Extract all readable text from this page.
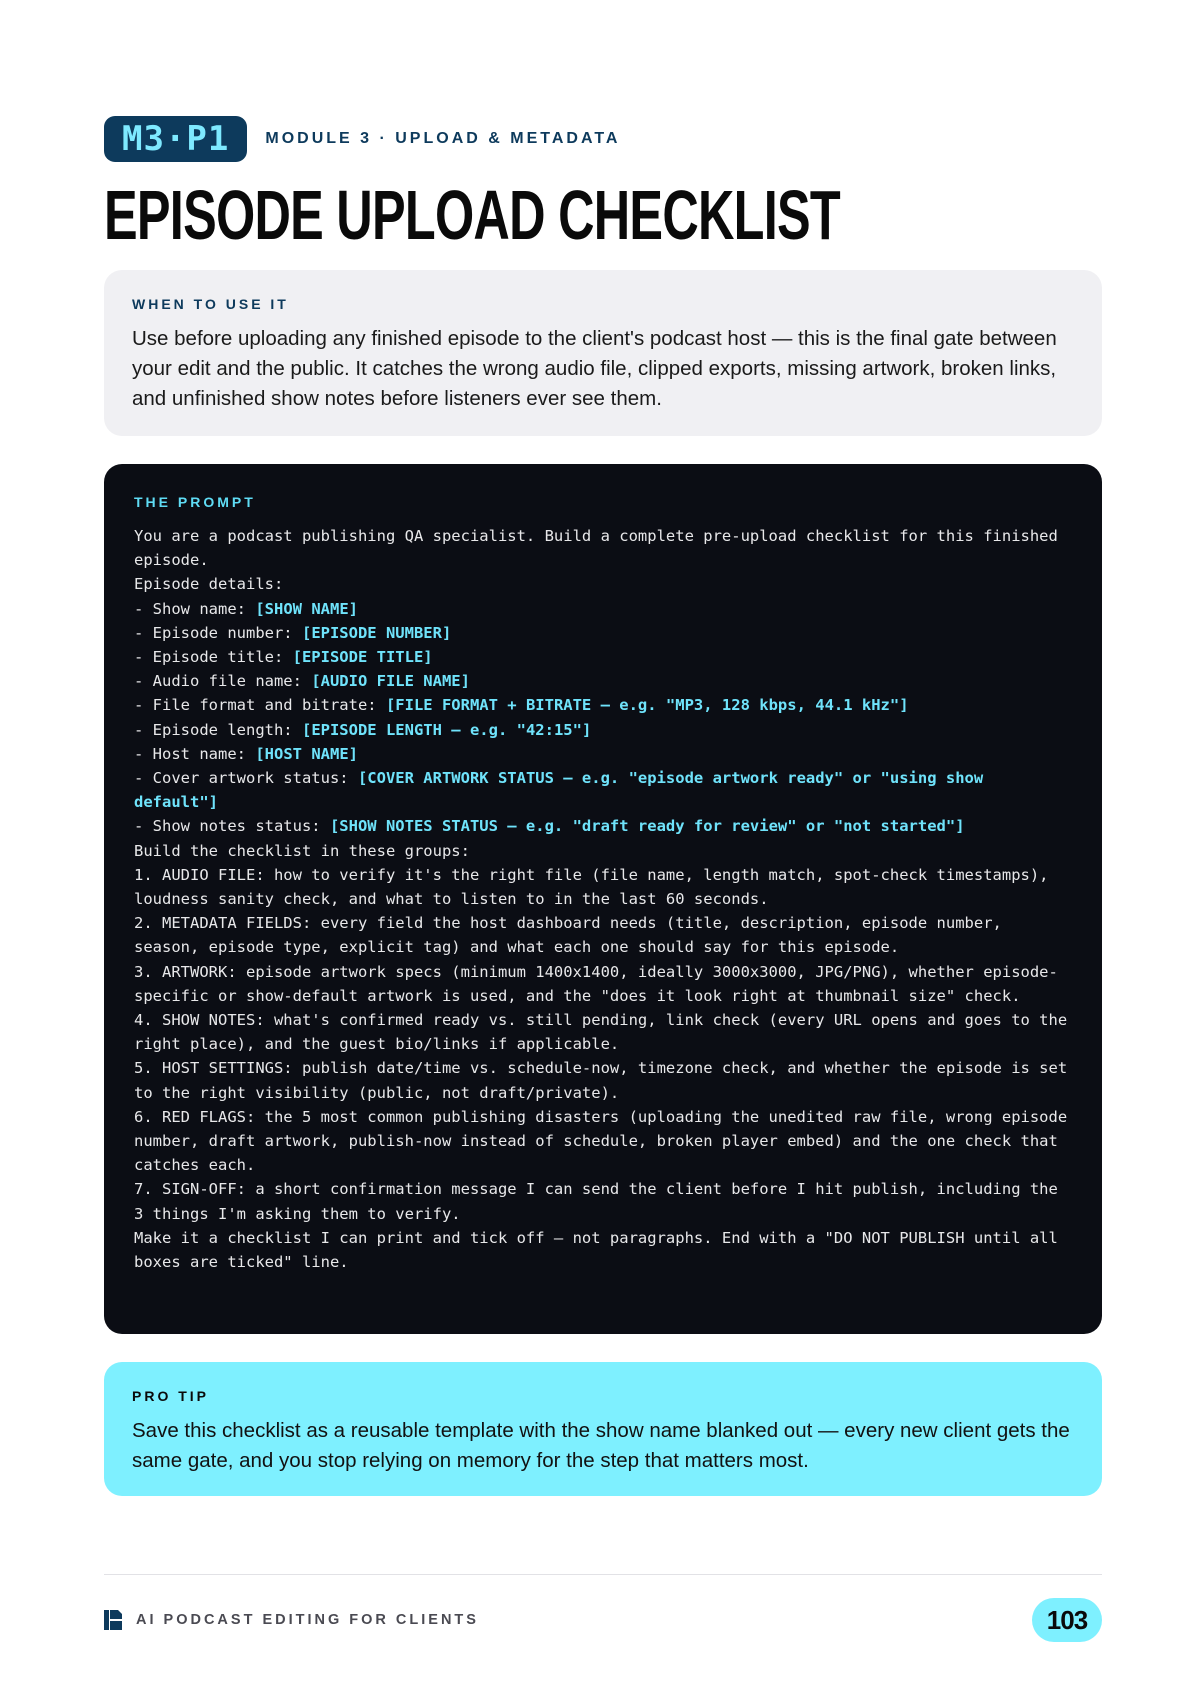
M3·P1	MODULE 3 · UPLOAD & METADATA
EPISODE UPLOAD CHECKLIST
WHEN TO USE IT
Use before uploading any finished episode to the client's podcast host — this is the final gate between your edit and the public. It catches the wrong audio file, clipped exports, missing artwork, broken links, and unfinished show notes before listeners ever see them.
THE PROMPT
You are a podcast publishing QA specialist. Build a complete pre-upload checklist for this finished episode.
Episode details:
- Show name: [SHOW NAME]
- Episode number: [EPISODE NUMBER]
- Episode title: [EPISODE TITLE]
- Audio file name: [AUDIO FILE NAME]
- File format and bitrate: [FILE FORMAT + BITRATE — e.g. "MP3, 128 kbps, 44.1 kHz"]
- Episode length: [EPISODE LENGTH — e.g. "42:15"]
- Host name: [HOST NAME]
- Cover artwork status: [COVER ARTWORK STATUS — e.g. "episode artwork ready" or "using show default"]
- Show notes status: [SHOW NOTES STATUS — e.g. "draft ready for review" or "not started"]
Build the checklist in these groups:
1. AUDIO FILE: how to verify it's the right file (file name, length match, spot-check timestamps), loudness sanity check, and what to listen to in the last 60 seconds.
2. METADATA FIELDS: every field the host dashboard needs (title, description, episode number, season, episode type, explicit tag) and what each one should say for this episode.
3. ARTWORK: episode artwork specs (minimum 1400x1400, ideally 3000x3000, JPG/PNG), whether episode-specific or show-default artwork is used, and the "does it look right at thumbnail size" check.
4. SHOW NOTES: what's confirmed ready vs. still pending, link check (every URL opens and goes to the right place), and the guest bio/links if applicable.
5. HOST SETTINGS: publish date/time vs. schedule-now, timezone check, and whether the episode is set to the right visibility (public, not draft/private).
6. RED FLAGS: the 5 most common publishing disasters (uploading the unedited raw file, wrong episode number, draft artwork, publish-now instead of schedule, broken player embed) and the one check that catches each.
7. SIGN-OFF: a short confirmation message I can send the client before I hit publish, including the 3 things I'm asking them to verify.
Make it a checklist I can print and tick off — not paragraphs. End with a "DO NOT PUBLISH until all boxes are ticked" line.
PRO TIP
Save this checklist as a reusable template with the show name blanked out — every new client gets the same gate, and you stop relying on memory for the step that matters most.
AI PODCAST EDITING FOR CLIENTS	103
